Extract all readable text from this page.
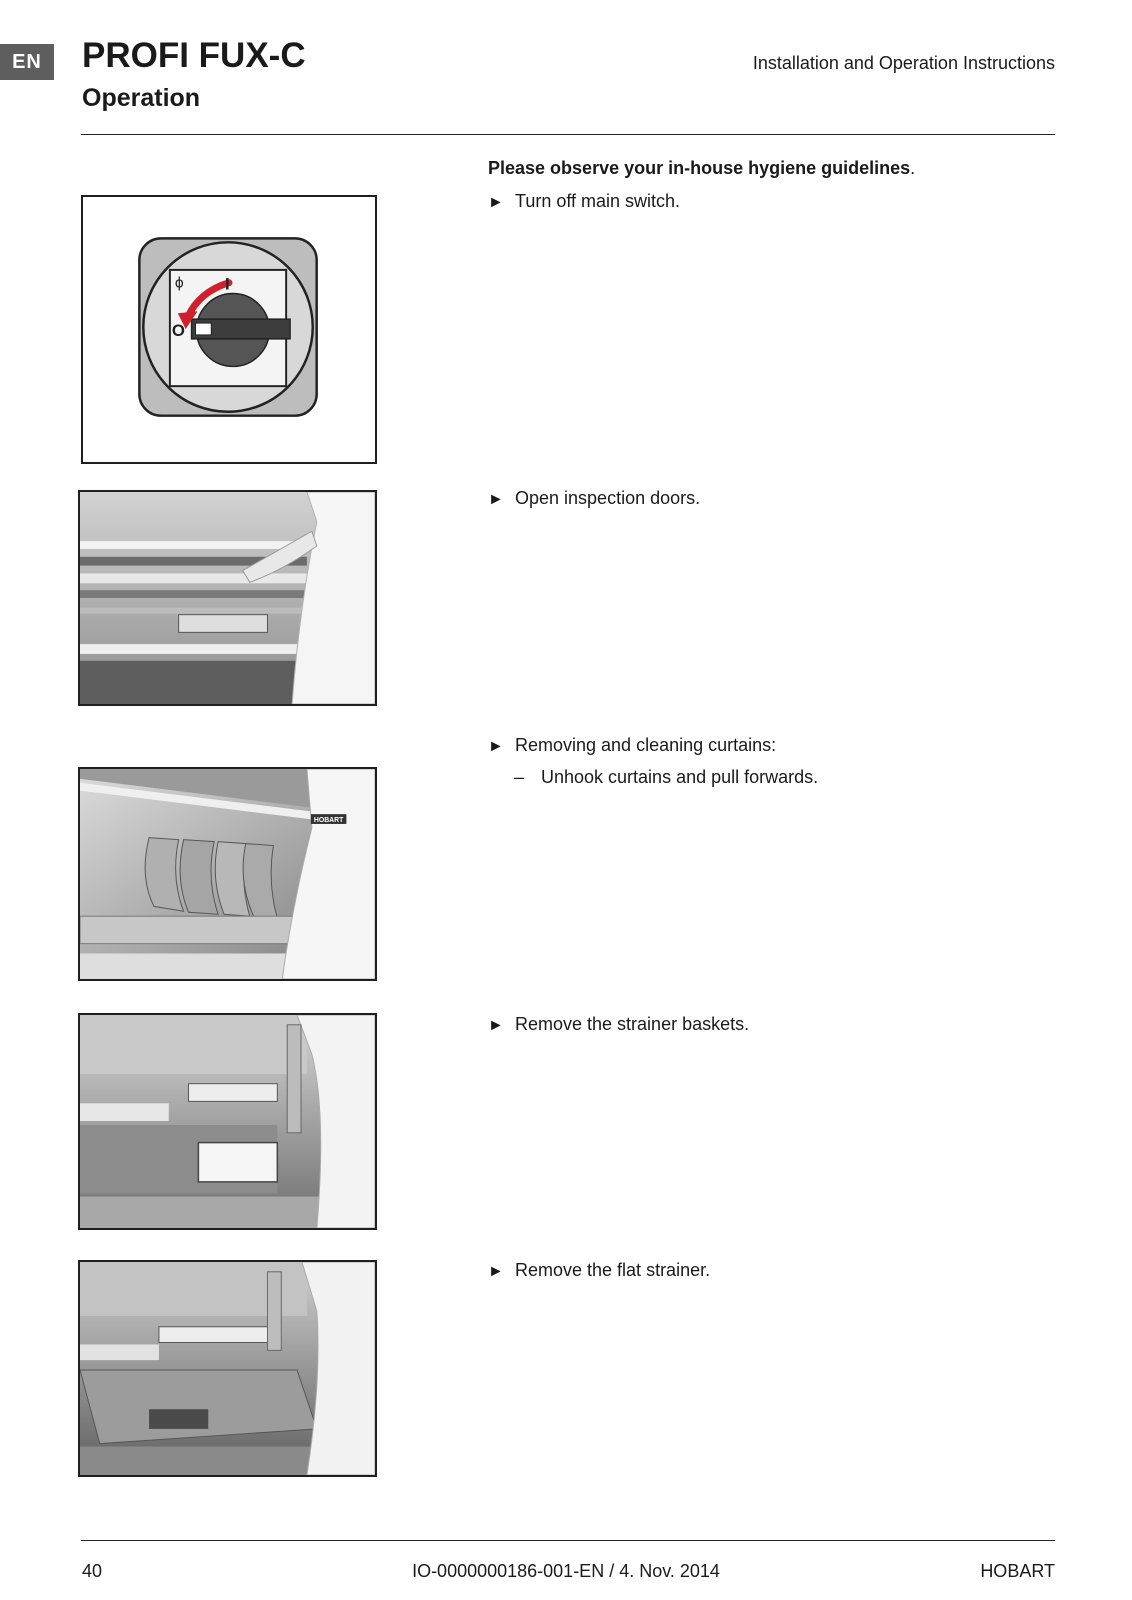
EN	PROFI FUX-C
Operation
Installation and Operation Instructions
Please observe your in-house hygiene guidelines.
► Turn off main switch.
► Open inspection doors.
► Removing and cleaning curtains:
– Unhook curtains and pull forwards.
► Remove the strainer baskets.
► Remove the flat strainer.
ϕ I
O
HOBART
40	IO-0000000186-001-EN / 4. Nov. 2014	HOBART
